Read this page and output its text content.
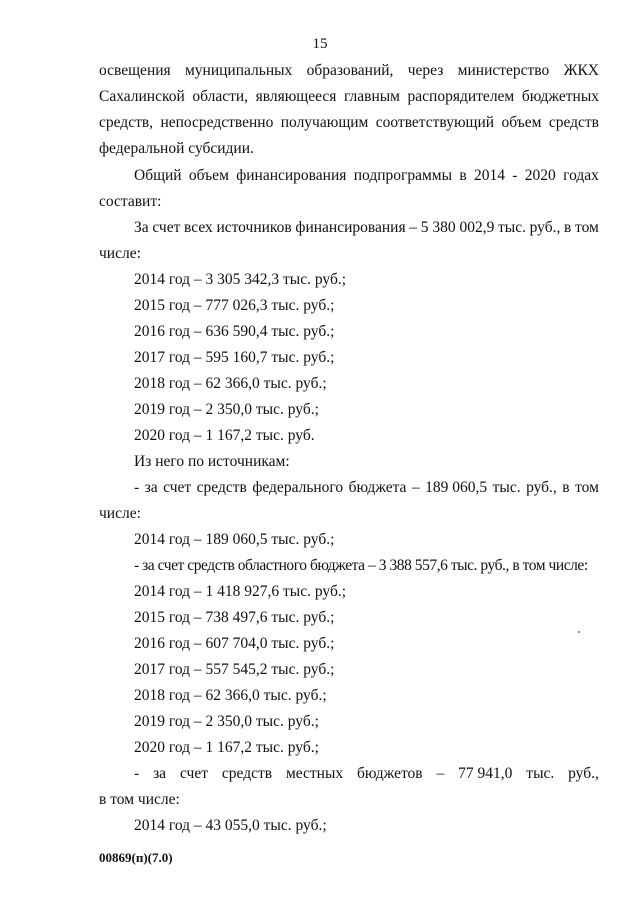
15
освещения муниципальных образований, через министерство ЖКХ
Сахалинской области, являющееся главным распорядителем бюджетных
средств, непосредственно получающим соответствующий объем средств
федеральной субсидии.
Общий объем финансирования подпрограммы в 2014 - 2020 годах
составит:
За счет всех источников финансирования – 5 380 002,9 тыс. руб., в том
числе:
2014 год – 3 305 342,3 тыс. руб.;
2015 год – 777 026,3 тыс. руб.;
2016 год – 636 590,4 тыс. руб.;
2017 год – 595 160,7 тыс. руб.;
2018 год – 62 366,0 тыс. руб.;
2019 год – 2 350,0 тыс. руб.;
2020 год – 1 167,2 тыс. руб.
Из него по источникам:
- за счет средств федерального бюджета – 189 060,5 тыс. руб., в том
числе:
2014 год – 189 060,5 тыс. руб.;
- за счет средств областного бюджета – 3 388 557,6 тыс. руб., в том числе:
2014 год – 1 418 927,6 тыс. руб.;
2015 год – 738 497,6 тыс. руб.;
2016 год – 607 704,0 тыс. руб.;
2017 год – 557 545,2 тыс. руб.;
2018 год – 62 366,0 тыс. руб.;
2019 год – 2 350,0 тыс. руб.;
2020 год – 1 167,2 тыс. руб.;
- за счет средств местных бюджетов – 77 941,0 тыс. руб.,
в том числе:
2014 год – 43 055,0 тыс. руб.;
00869(п)(7.0)
